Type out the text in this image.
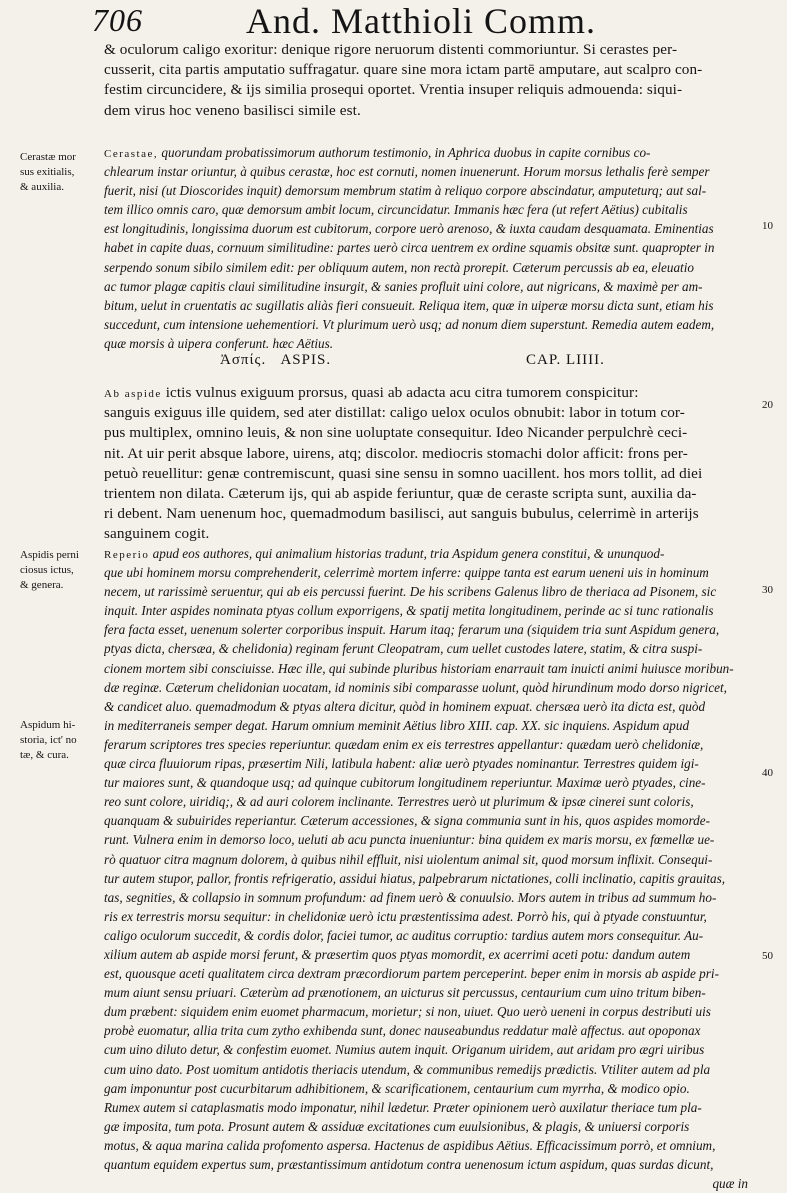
706	And. Matthioli Comm.
& oculorum caligo exoritur: denique rigore neruorum distenti commoriuntur. Si cerastes per-
cusserit, cita partis amputatio suffragatur. quare sine mora ictam partē amputare, aut scalpro con-
festim circuncidere, & ijs similia prosequi oportet. Vrentia insuper reliquis admouenda: siqui-
dem virus hoc veneno basilisci simile est.
Cerastæ mor
sus exitialis,
& auxilia.
Cerastae, quorundam probatissimorum authorum testimonio, in Aphrica duobus in capite cornibus co-
chlearum instar oriuntur, à quibus cerastæ, hoc est cornuti, nomen inuenerunt. Horum morsus lethalis ferè semper
fuerit, nisi (ut Dioscorides inquit) demorsum membrum statim à reliquo corpore abscindatur, amputeturq; aut sal-
tem illico omnis caro, quæ demorsum ambit locum, circuncidatur. Immanis hæc fera (ut refert Aëtius) cubitalis
est longitudinis, longissima duorum est cubitorum, corpore uerò arenoso, & iuxta caudam desquamata. Eminentias
habet in capite duas, cornuum similitudine: partes uerò circa uentrem ex ordine squamis obsitæ sunt. quapropter in
serpendo sonum sibilo similem edit: per obliquum autem, non rectà prorepit. Cæterum percussis ab ea, eleuatio
ac tumor plagæ capitis claui similitudine insurgit, & sanies profluit uini colore, aut nigricans, & maximè per am-
bitum, uelut in cruentatis ac sugillatis aliàs fieri consueuit. Reliqua item, quæ in uiperæ morsu dicta sunt, etiam his
succedunt, cum intensione uehementiori. Vt plurimum uerò usq; ad nonum diem superstunt. Remedia autem eadem,
quæ morsis à uipera conferunt. hæc Aëtius.
Ἀσπίς. ASPIS.	CAP. LIIII.
Ab aspide ictis vulnus exiguum prorsus, quasi ab adacta acu citra tumorem conspicitur:
sanguis exiguus ille quidem, sed ater distillat: caligo uelox oculos obnubit: labor in totum cor-
pus multiplex, omnino leuis, & non sine uoluptate consequitur. Ideo Nicander perpulchrè ceci-
nit. At uir perit absque labore, uirens, atq; discolor. mediocris stomachi dolor afficit: frons per-
petuò reuellitur: genæ contremiscunt, quasi sine sensu in somno uacillent. hos mors tollit, ad diei
trientem non dilata. Cæterum ijs, qui ab aspide feriuntur, quæ de ceraste scripta sunt, auxilia da-
ri debent. Nam uenenum hoc, quemadmodum basilisci, aut sanguis bubulus, celerrimè in arterijs
sanguinem cogit.
Aspidis perni
ciosus ictus,
& genera.
Aspidum hi-
storia, ict' no
tæ, & cura.
Reperio apud eos authores, qui animalium historias tradunt, tria Aspidum genera constitui, & ununquod-
que ubi hominem morsu comprehenderit, celerrimè mortem inferre: quippe tanta est earum ueneni uis in hominum
necem, ut rarissimè seruentur, qui ab eis percussi fuerint. De his scribens Galenus libro de theriaca ad Pisonem, sic
inquit. Inter aspides nominata ptyas collum exporrigens, & spatij metita longitudinem, perinde ac si tunc rationalis
fera facta esset, uenenum solerter corporibus inspuit. Harum itaq; ferarum una (siquidem tria sunt Aspidum genera,
ptyas dicta, chersæa, & chelidonia) reginam ferunt Cleopatram, cum uellet custodes latere, statim, & citra suspi-
cionem mortem sibi consciuisse. Hæc ille, qui subinde pluribus historiam enarrauit tam inuicti animi huiusce moribun-
dæ reginæ. Cæterum chelidonian uocatam, id nominis sibi comparasse uolunt, quòd hirundinum modo dorso nigricet,
& candicet aluo. quemadmodum & ptyas altera dicitur, quòd in hominem expuat. chersæa uerò ita dicta est, quòd
in mediterraneis semper degat. Harum omnium meminit Aëtius libro XIII. cap. XX. sic inquiens. Aspidum apud
ferarum scriptores tres species reperiuntur. quædam enim ex eis terrestres appellantur: quædam uerò chelidoniæ,
quæ circa fluuiorum ripas, præsertim Nili, latibula habent: aliæ uerò ptyades nominantur. Terrestres quidem igi-
tur maiores sunt, & quandoque usq; ad quinque cubitorum longitudinem reperiuntur. Maximæ uerò ptyades, cine-
reo sunt colore, uiridiq;, & ad auri colorem inclinante. Terrestres uerò ut plurimum & ipsæ cinerei sunt coloris,
quanquam & subuirides reperiantur. Cæterum accessiones, & signa communia sunt in his, quos aspides momorde-
runt. Vulnera enim in demorso loco, ueluti ab acu puncta inueniuntur: bina quidem ex maris morsu, ex fœmellæ ue-
rò quatuor citra magnum dolorem, à quibus nihil effluit, nisi uiolentum animal sit, quod morsum inflixit. Consequi-
tur autem stupor, pallor, frontis refrigeratio, assidui hiatus, palpebrarum nictationes, colli inclinatio, capitis grauitas,
tas, segnities, & collapsio in somnum profundum: ad finem uerò & conuulsio. Mors autem in tribus ad summum ho-
ris ex terrestris morsu sequitur: in chelidoniæ uerò ictu præstentissima adest. Porrò his, qui à ptyade constuuntur,
caligo oculorum succedit, & cordis dolor, faciei tumor, ac auditus corruptio: tardius autem mors consequitur. Au-
xilium autem ab aspide morsi ferunt, & præsertim quos ptyas momordit, ex acerrimi aceti potu: dandum autem
est, quousque aceti qualitatem circa dextram præcordiorum partem perceperint. beper enim in morsis ab aspide pri-
mum aiunt sensu priuari. Cæterùm ad prænotionem, an uicturus sit percussus, centaurium cum uino tritum biben-
dum præbent: siquidem enim euomet pharmacum, morietur; si non, uiuet. Quo uerò ueneni in corpus destributi uis
probè euomatur, allia trita cum zytho exhibenda sunt, donec nauseabundus reddatur malè affectus. aut opoponax
cum uino diluto detur, & confestim euomet. Numius autem inquit. Origanum uiridem, aut aridam pro ægri uiribus
cum uino dato. Post uomitum antidotis theriacis utendum, & communibus remedijs prædictis. Vtiliter autem ad pla
gam imponuntur post cucurbitarum adhibitionem, & scarificationem, centaurium cum myrrha, & modico opio.
Rumex autem si cataplasmatis modo imponatur, nihil lædetur. Præter opinionem uerò auxilatur theriace tum pla-
gæ imposita, tum pota. Prosunt autem & assiduæ excitationes cum euulsionibus, & plagis, & uniuersi corporis
motus, & aqua marina calida profomento aspersa. Hactenus de aspidibus Aëtius. Efficacissimum porrò, et omnium,
quantum equidem expertus sum, præstantissimum antidotum contra uenenosum ictum aspidum, quas surdas dicunt,
quæ in
10
20
30
40
50
